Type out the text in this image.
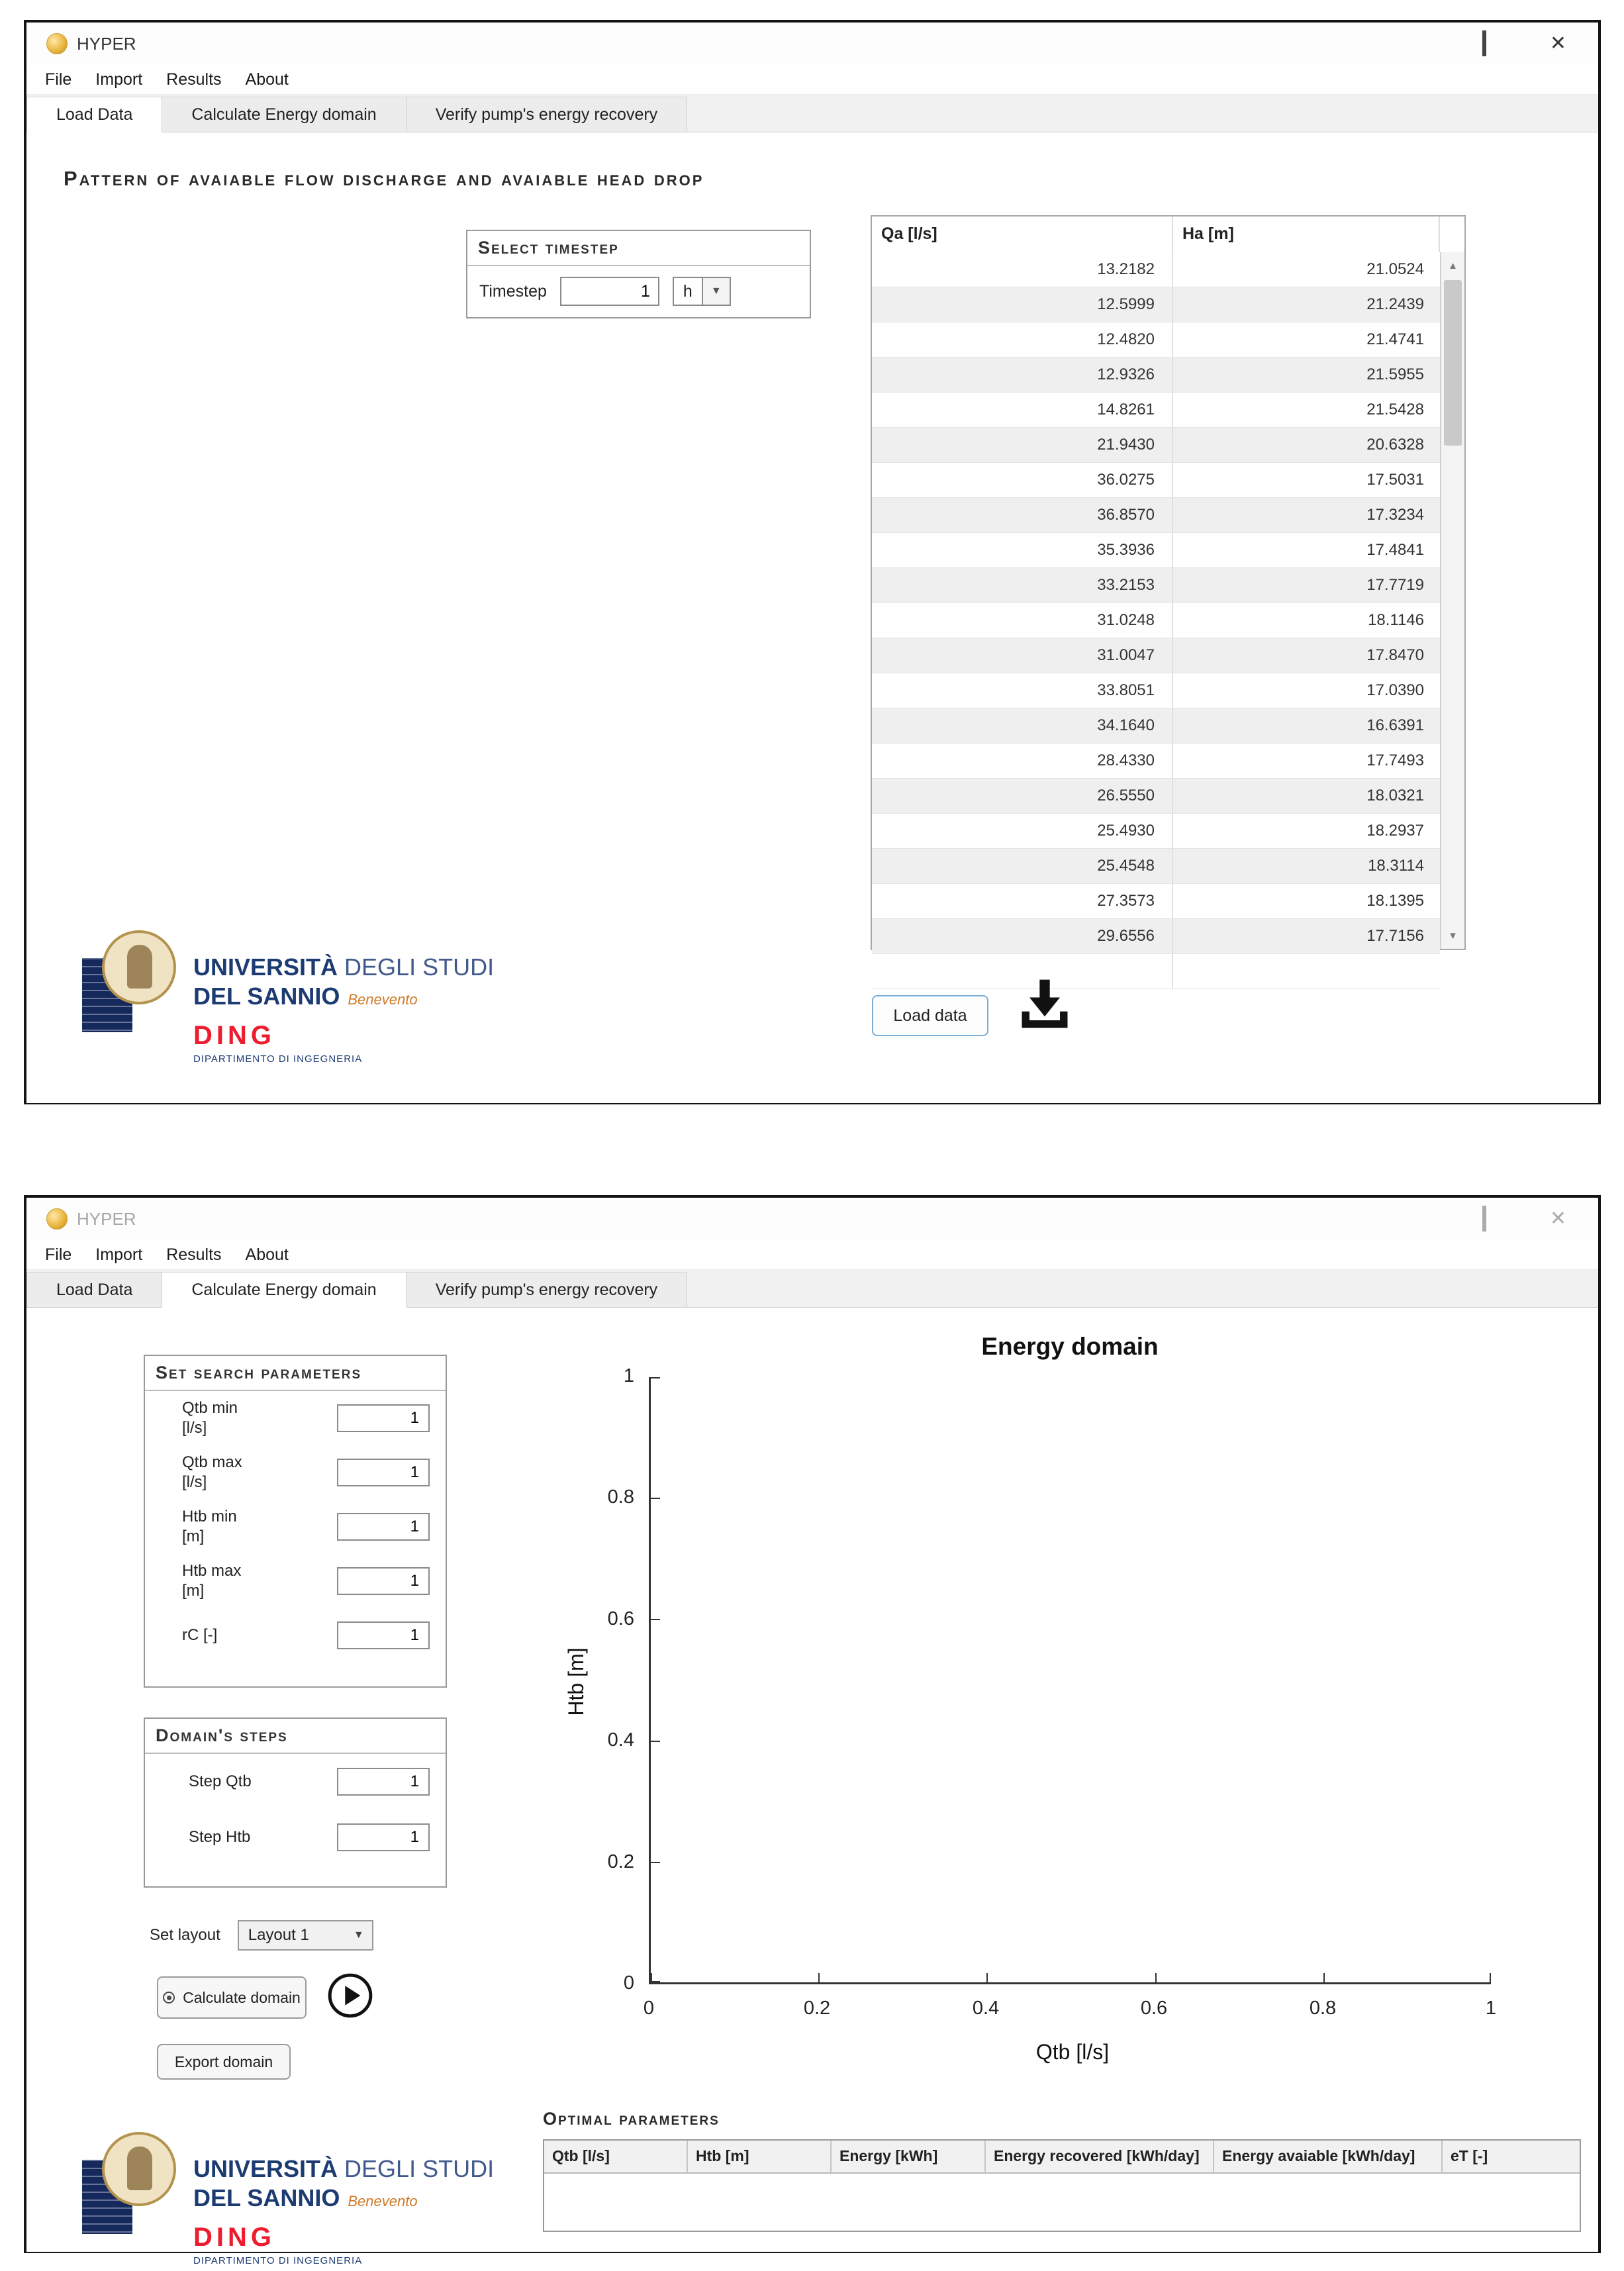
HYPER	✕
File Import Results About
Load Data	Calculate Energy domain	Verify pump's energy recovery
Pattern of avaiable flow discharge and avaiable head drop
Select timestep
Timestep
1	h	▼
Qa [l/s]	Ha [m]
13.2182	21.0524
12.5999	21.2439
12.4820	21.4741
12.9326	21.5955
14.8261	21.5428
21.9430	20.6328
36.0275	17.5031
36.8570	17.3234
35.3936	17.4841
33.2153	17.7719
31.0248	18.1146
31.0047	17.8470
33.8051	17.0390
34.1640	16.6391
28.4330	17.7493
26.5550	18.0321
25.4930	18.2937
25.4548	18.3114
27.3573	18.1395
29.6556	17.7156
▲
▼
Load data
UNIVERSITÀ DEGLI STUDI
DEL SANNIO Benevento
DING
DIPARTIMENTO DI INGEGNERIA
HYPER	✕
File Import Results About
Load Data	Calculate Energy domain	Verify pump's energy recovery
Set search parameters
Qtb min
[l/s]
1
Qtb max
[l/s]
1
Htb min
[m]
1
Htb max
[m]
1
rC [-]
1
Domain's steps
Step Qtb
1
Step Htb
1
Set layout	Layout 1	▼
Calculate domain
Export domain
Energy domain
0
0.2
0.4
0.6
0.8
1
0	0.2	0.4	0.6	0.8	1
Qtb [l/s]
Htb [m]
Optimal parameters
Qtb [l/s]	Htb [m]	Energy [kWh]	Energy recovered [kWh/day]	Energy avaiable [kWh/day]	eT [-]
UNIVERSITÀ DEGLI STUDI
DEL SANNIO Benevento
DING
DIPARTIMENTO DI INGEGNERIA
